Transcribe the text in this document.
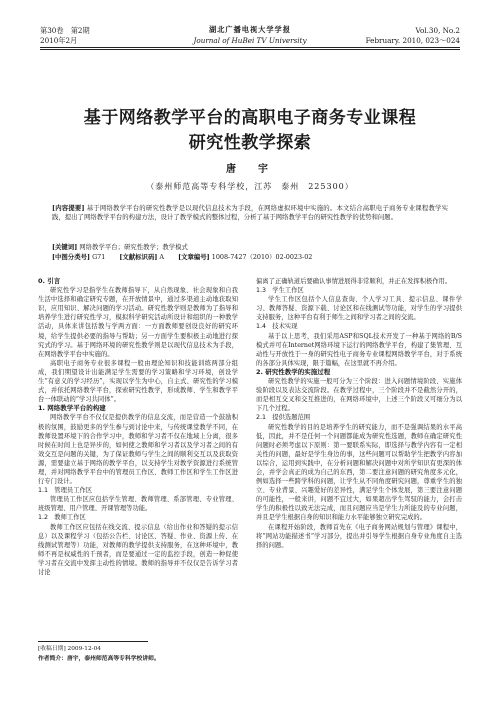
第30卷　第2期
2010年2月
湖北广播电视大学学报
Journal of HuBei TV University
Vol.30, No.2
February. 2010, 023～024
基于网络教学平台的高职电子商务专业课程
研究性教学探索
唐　宇
（泰州师范高等专科学校，江苏　泰州　225300）
[内容提要] 基于网络教学平台的研究性教学是以现代信息技术为手段，在网络虚拟环境中实施的。本文结合高职电子商务专业课程教学实践，提出了网络教学平台的构建方法，设计了教学模式的整体过程，分析了基于网络教学平台的研究性教学的优势和问题。
[关键词] 网络教学平台；研究性教学；教学模式
[中图分类号] G71 [文献标识码] A [文章编号] 1008-7427（2010）02-0023-02

0. 引言

研究性学习是指学生在教师指导下，从自然现象、社会现象和自我生活中选择和确定研究专题，在开放情景中，通过多渠道主动地获取知识，应用知识、解决问题的学习活动。研究性教学则是教师为了指导和培养学生进行研究性学习，模拟科学研究活动所设计和组织的一种教学活动，具体来讲包括教与学两方面：一方面教师要创设良好的研究环境，给学生提供必要的指导与帮助；另一方面学生要积极主动地进行探究式的学习。基于网络环境的研究性教学则是以现代信息技术为手段，在网络教学平台中实施的。

高职电子商务专业很多课程一般由理论知识和技能训练两部分组成，我们期望设计出能满足学生需要的学习策略和学习环境，创设学生“有意义的学习经历”，实现以学生为中心，自主式、研究性的学习模式，并依托网络教学平台，探索研究性教学，形成教师、学生和教学平台一体联动的“学习共同体”。

1. 网络教学平台的构建

网络教学平台不仅仅是提供教学的信息交流，而是营造一个鼓励积极的氛围，鼓励更多的学生参与到讨论中来，与传统课堂教学不同，在教师设置环境下的合作学习中，教师和学习者不仅在地域上分离，很多时候在时间上也是异步的，如何使之教师和学习者以及学习者之间的有效交互是问题的关键，为了保证教师与学生之间的顺利交互以及获取资源，需要建立基于网络的教学平台，以支持学生对教学资源进行系统管理，并对网络教学平台中的管理员工作区、教师工作区和学生工作区进行专门设计。

1.1　管理员工作区

管理员工作区应包括学生管理、教师管理、系部管理、专业管理、班级管理、用户管理、开课管理等功能。

1.2　教师工作区

教师工作区应包括在线交流、提示信息（给出作业和答疑的提示信息）以及课程学习（包括公告栏、讨论区、答疑、作业、资源上传、在线测试管理等）功能，对教师的教学提供支持服务，在这种环境中，教师不再是权威性的千预者，而是要通过一定的监控手段，创造一种促使学习者在交流中发挥主动性的情境。教师的指导并不仅仅是告诉学习者讨论

偏离了正确轨道后要确认事情进展得非常顺利，并正在发挥积极作用。

1.3　学生工作区

学生工作区包括个人信息查询、个人学习工具、提示信息、课件学习、教师答疑、资源下载、讨论区和在线测试等功能，对学生的学习提供支持服务，这种平台有利于师生之间和学习者之间的交流。

1.4　技术实现

基于以上思考，我们采用ASP和SQL技术开发了一种基于网络的B/S模式并可在Internet网络环境下运行的网络教学平台，构建了集管理、互动性与开放性于一身的研究性电子商务专业课程网络教学平台，对于系统的各部分具体实现，限于篇幅，在这里就不再介绍。

2. 研究性教学的实施过程

研究性教学的实施一般可分为三个阶段：进入问题情境阶段、实施体验阶段以及表达交流阶段。在教学过程中，三个阶段并不是截然分开的，而是相互交叉和交互推进的，在网络环境中，上述三个阶段又可细分为以下几个过程。

2.1　提供选题范围

研究性教学的目的是培养学生的研究能力，而不是强调结果的水平高低，因此，并不是任何一个问题都能成为研究性选题，教师在确定研究性问题时必须考虑以下原则：第一要联系实际，即选择与教学内容有一定相关性的问题，最好是学生身边的事，这些问题可以帮助学生把教学内容加以综合，运用到实践中，在分析问题和解决问题中对所学知识有更深的体会，并学会真正的成为自己的东西，第二要注意问题的研究角度多元化，例如选择一些跨学科的问题，让学生从不同角度研究问题，尊重学生的独立、专业背景、兴趣爱好的差异性，满足学生个体发展，第三要注意问题的可能性，一般来讲，问题不宜过大，如果超出学生驾驭的能力，会打击学生的积极性以致无法完成，而且问题应当是学生力所能及的专业问题，并且是学生根据自身的知识和能力水平能够独立研究完成的。

在课程开始阶段，教师首先在《电子商务网站规划与管理》课程中，将“网站功能描述书”学习部分，提出并引导学生根据自身专业角度自主选择的问题。

[收稿日期] 2009-12-04
作者简介：唐宇，泰州师范高等专科学校讲师。
